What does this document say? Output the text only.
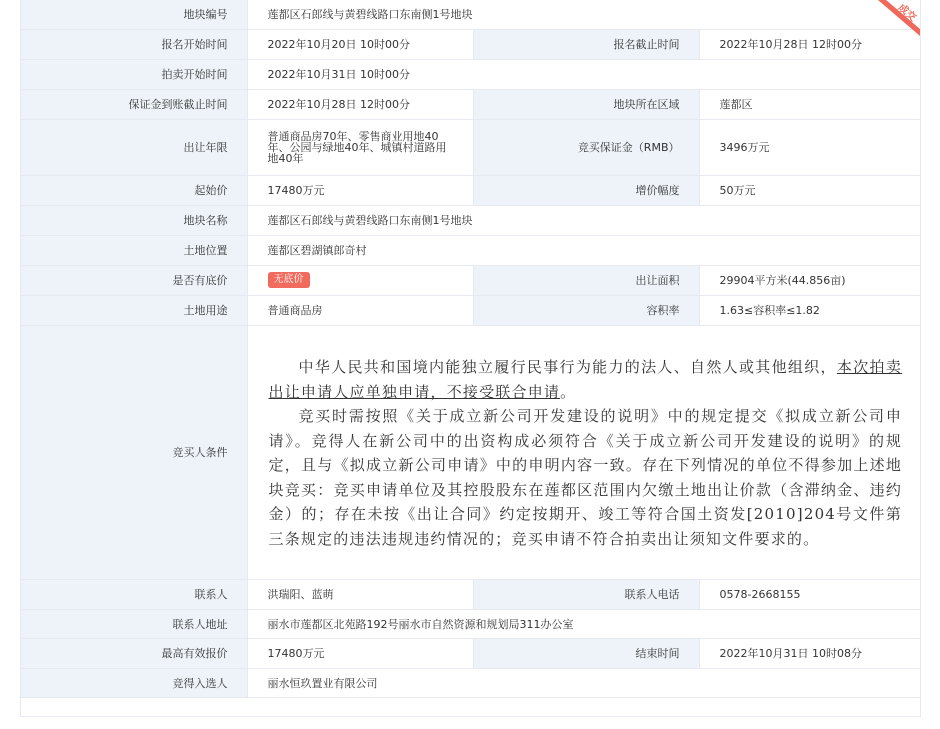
地块编号	莲都区石郎线与黄碧线路口东南侧1号地块		
报名开始时间	2022年10月20日 10时00分	报名截止时间	2022年10月28日 12时00分
拍卖开始时间	2022年10月31日 10时00分		
保证金到账截止时间	2022年10月28日 12时00分	地块所在区域	莲都区
出让年限	普通商品房70年、零售商业用地40年、公园与绿地40年、城镇村道路用地40年	竞买保证金（RMB）	3496万元
起始价	17480万元	增价幅度	50万元
地块名称	莲都区石郎线与黄碧线路口东南侧1号地块		
土地位置	莲都区碧湖镇郎奇村		
是否有底价	无底价	出让面积	29904平方米(44.856亩)
土地用途	普通商品房	容积率	1.63≤容积率≤1.82
竞买人条件	中华人民共和国境内能独立履行民事行为能力的法人、自然人或其他组织，本次拍卖出让申请人应单独申请，不接受联合申请。

竞买时需按照《关于成立新公司开发建设的说明》中的规定提交《拟成立新公司申请》。竞得人在新公司中的出资构成必须符合《关于成立新公司开发建设的说明》的规定，且与《拟成立新公司申请》中的申明内容一致。存在下列情况的单位不得参加上述地块竞买：竞买申请单位及其控股股东在莲都区范围内欠缴土地出让价款（含滞纳金、违约金）的；存在未按《出让合同》约定按期开、竣工等符合国土资发[2010]204号文件第三条规定的违法违规违约情况的；竞买申请不符合拍卖出让须知文件要求的。		

联系人	洪瑞阳、蓝萌	联系人电话	0578-2668155
联系人地址	丽水市莲都区北苑路192号丽水市自然资源和规划局311办公室		
最高有效报价	17480万元	结束时间	2022年10月31日 10时08分
竞得入选人	丽水恒玖置业有限公司		
成交
